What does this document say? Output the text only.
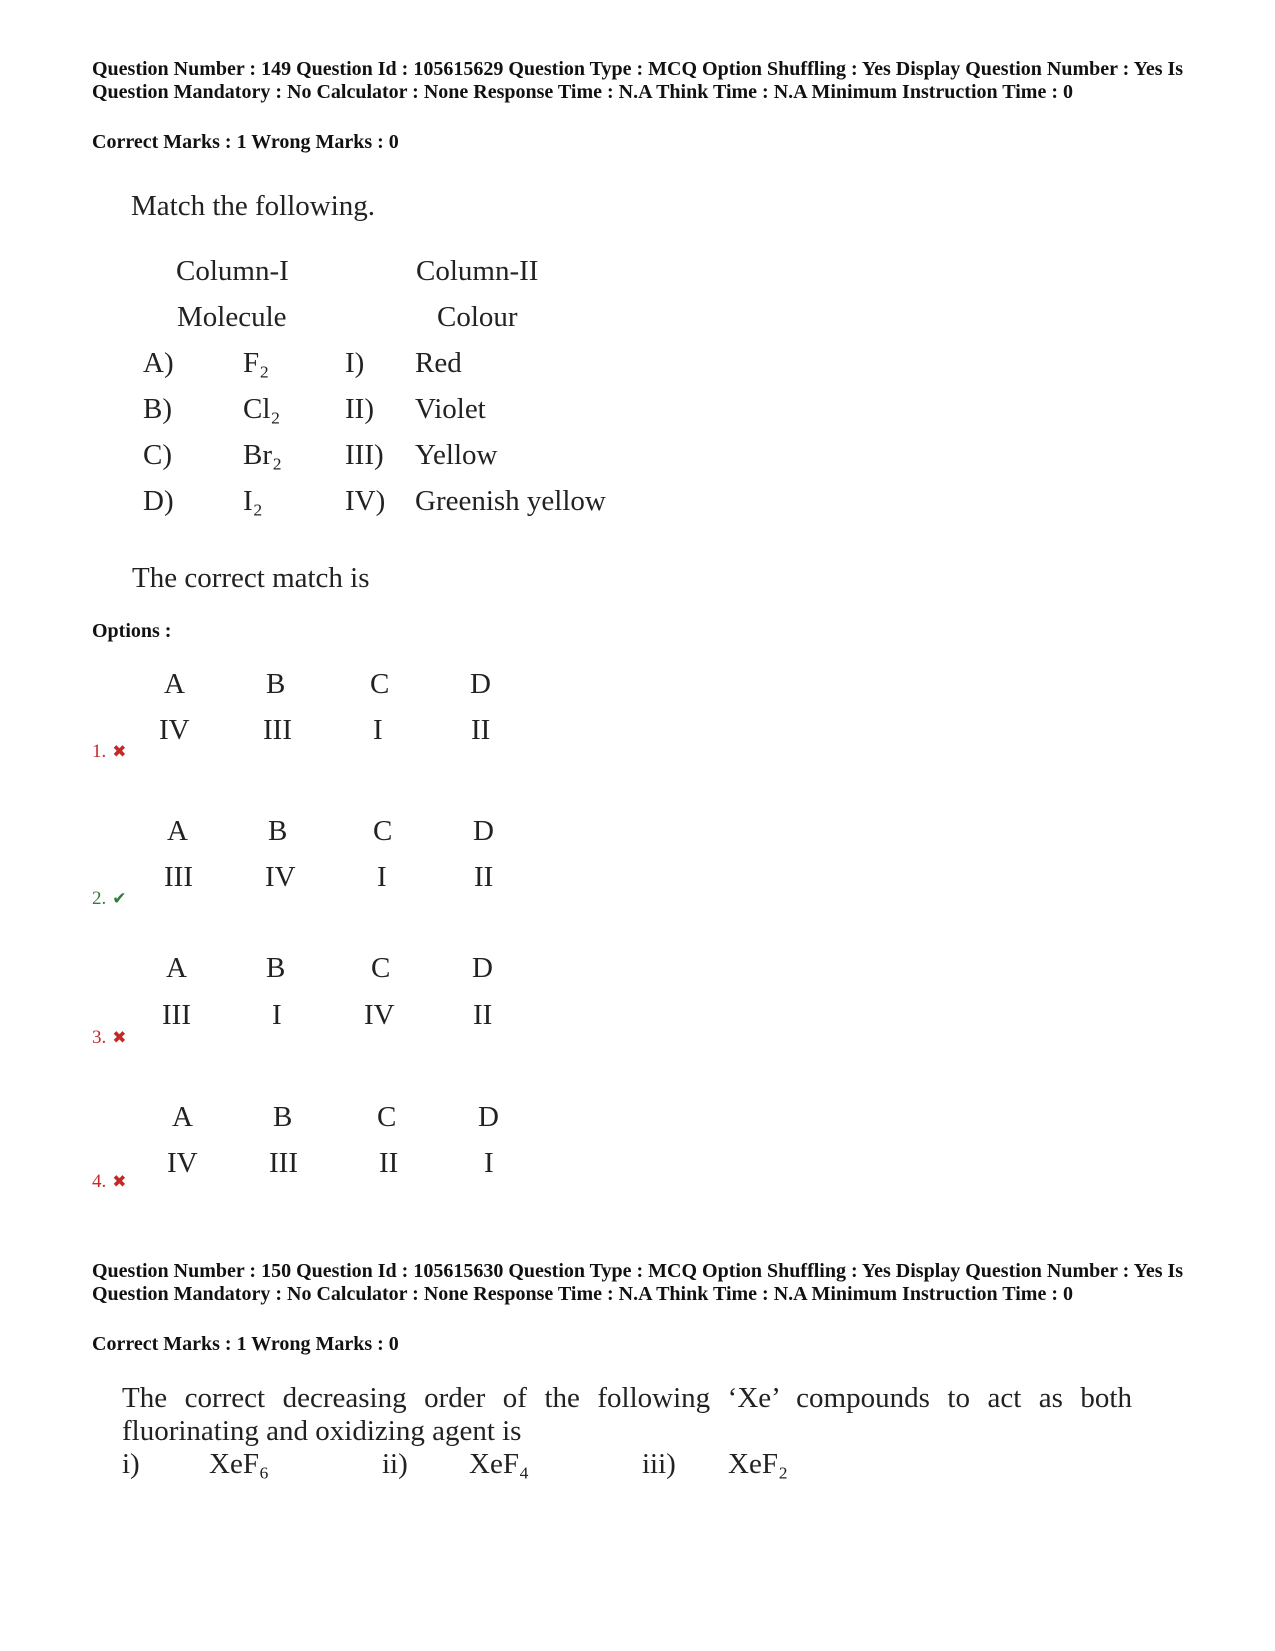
Question Number : 149 Question Id : 105615629 Question Type : MCQ Option Shuffling : Yes Display Question Number : Yes Is Question Mandatory : No Calculator : None Response Time : N.A Think Time : N.A Minimum Instruction Time : 0
Correct Marks : 1 Wrong Marks : 0
Match the following.
Column-I	Column-II
Molecule	Colour
A) F₂	I) Red
B) Cl₂ II) Violet
C) Br₂ III) Yellow
D) I₂	IV) Greenish yellow
The correct match is
Options :
A	B	C	D
IV	III	I	II
1. ✖
A	B	C	D
III IV	I	II
2. ✔
A	B	C	D
III	I	IV	II
3. ✖
A	B	C	D
IV III	II	I
4. ✖
Question Number : 150 Question Id : 105615630 Question Type : MCQ Option Shuffling : Yes Display Question Number : Yes Is Question Mandatory : No Calculator : None Response Time : N.A Think Time : N.A Minimum Instruction Time : 0
Correct Marks : 1 Wrong Marks : 0
The correct decreasing order of the following ‘Xe’ compounds to act as both
fluorinating and oxidizing agent is
i) XeF₆	ii) XeF₄	iii) XeF₂
